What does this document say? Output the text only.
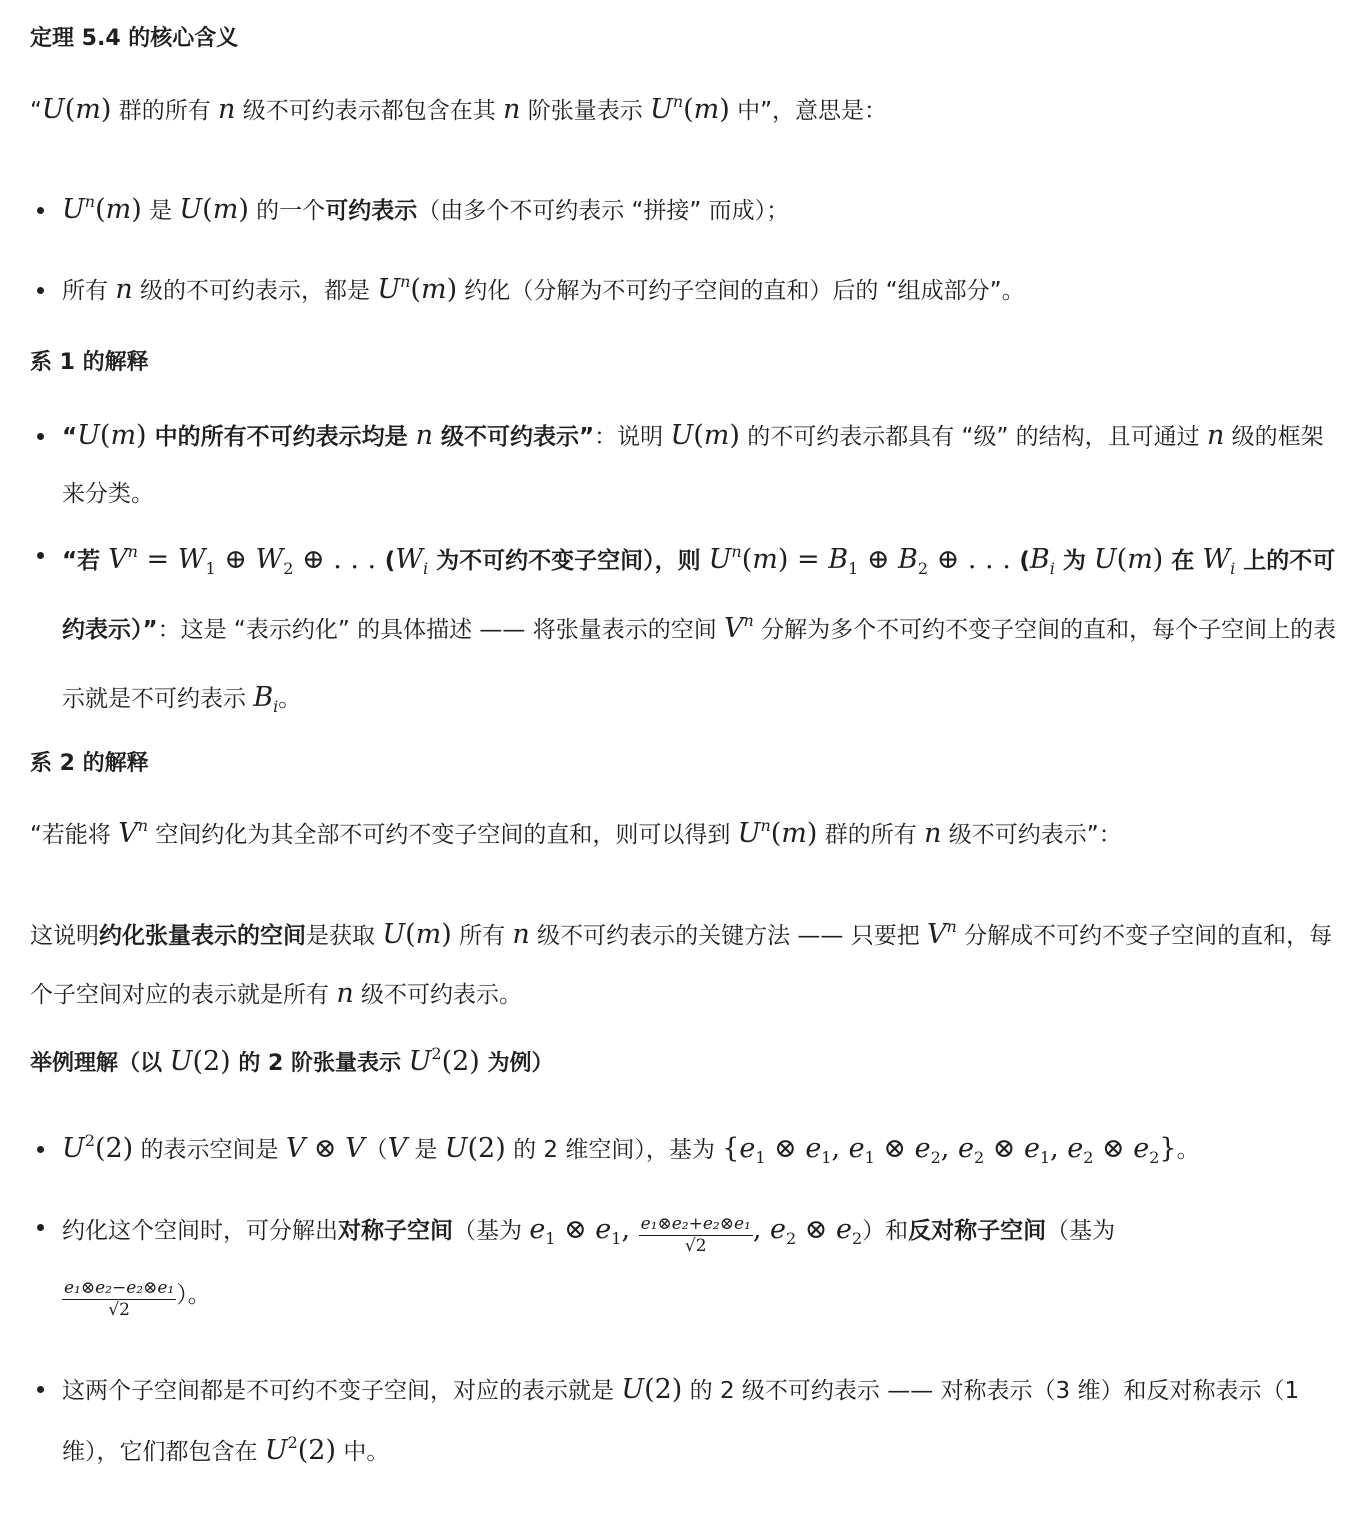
定理 5.4 的核心含义

“U(m) 群的所有 n 级不可约表示都包含在其 n 阶张量表示 $U^n(m)$ 中”，意思是：

$U^n(m)$ 是 U(m) 的一个可约表示（由多个不可约表示 “拼接” 而成）；

所有 n 级的不可约表示，都是 $U^n(m)$ 约化（分解为不可约子空间的直和）后的 “组成部分”。

系 1 的解释

“U(m) 中的所有不可约表示均是 n 级不可约表示”：说明 U(m) 的不可约表示都具有 “级” 的结构，且可通过 n 级的框架来分类。

“若 $V^n = W_1$ ⊕ $W_2$ ⊕ . . . ($W_i$ 为不可约不变子空间），则 $U^n(m) = B_1$ ⊕ $B_2$ ⊕ . . . ($B_i$ 为 U(m) 在 $W_i$ 上的不可约表示）”：这是 “表示约化” 的具体描述 —— 将张量表示的空间 $V^n$ 分解为多个不可约不变子空间的直和，每个子空间上的表示就是不可约表示 $B_i$。

系 2 的解释

“若能将 $V^n$ 空间约化为其全部不可约不变子空间的直和，则可以得到 $U^n(m)$ 群的所有 n 级不可约表示”：

这说明约化张量表示的空间是获取 U(m) 所有 n 级不可约表示的关键方法 —— 只要把 $V^n$ 分解成不可约不变子空间的直和，每个子空间对应的表示就是所有 n 级不可约表示。

举例理解（以 U(2) 的 2 阶张量表示 $U^2(2)$ 为例）

$U^2(2)$ 的表示空间是 V ⊗ V（V 是 U(2) 的 2 维空间），基为 {$e_1$ ⊗ $e_1$, $e_1$ ⊗ $e_2$, $e_2$ ⊗ $e_1$, $e_2$ ⊗ $e_2$}。

约化这个空间时，可分解出对称子空间（基为 $e_1$ ⊗ $e_1$, $\frac{\text{e₁⊗e₂+e₂⊗e₁}}{√2}$ , $e_2$ ⊗ $e_2$）和反对称子空间（基为

$\frac{\text{e₁⊗e₂−e₂⊗e₁}}{√2}$ ）。

这两个子空间都是不可约不变子空间，对应的表示就是 U(2) 的 2 级不可约表示 —— 对称表示（3 维）和反对称表示（1 维），它们都包含在 $U^2(2)$ 中。
